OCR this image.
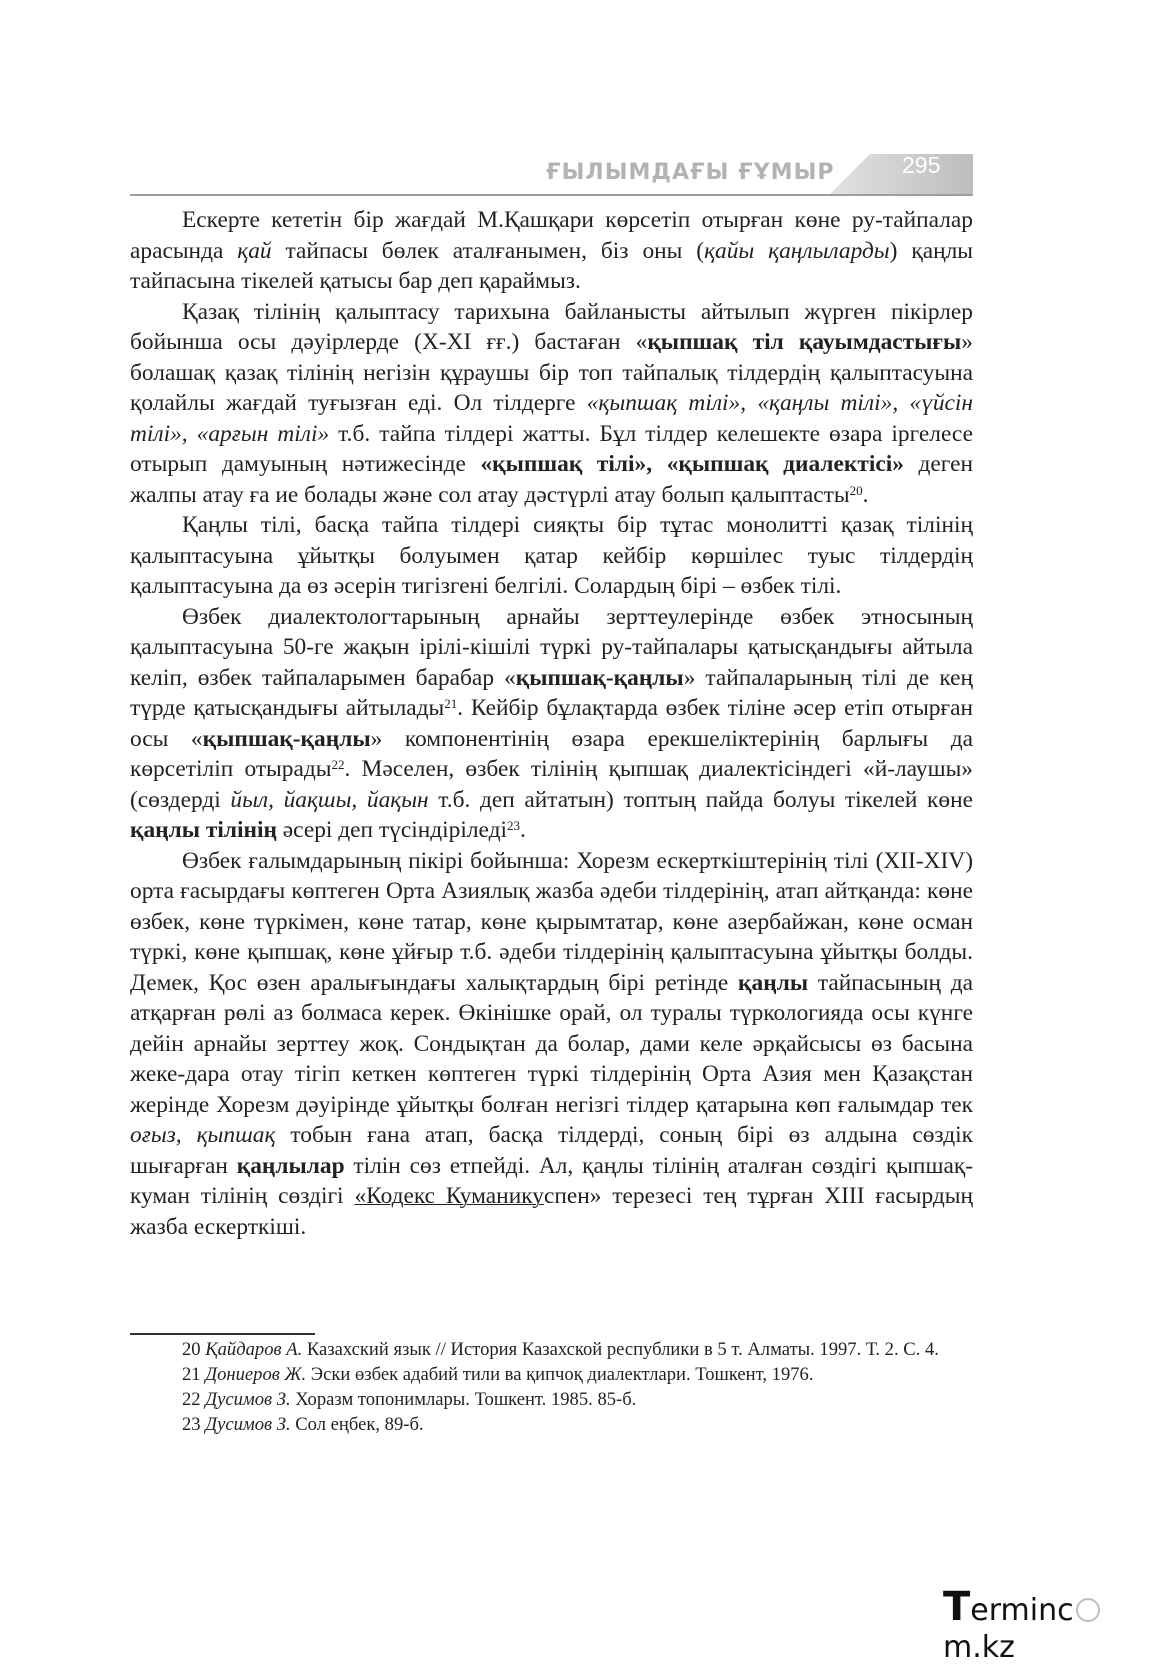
ҒЫЛЫМДАҒЫ ҒҰМЫР	295

Ескерте кететін бір жағдай М.Қашқари көрсетіп отырған көне ру-тайпалар арасында қай тайпасы бөлек аталғанымен, біз оны (қайы қаңлыларды) қаңлы тайпасына тікелей қатысы бар деп қараймыз.

Қазақ тілінің қалыптасу тарихына байланысты айтылып жүрген пікірлер бойынша осы дәуірлерде (Х-ХІ ғғ.) бастаған «қыпшақ тіл қауымдастығы» болашақ қазақ тілінің негізін құраушы бір топ тайпалық тілдердің қалыптасуына қолайлы жағдай туғызған еді. Ол тілдерге «қыпшақ тілі», «қаңлы тілі», «үйсін тілі», «арғын тілі» т.б. тайпа тілдері жатты. Бұл тілдер келешекте өзара іргелесе отырып дамуының нәтижесінде «қыпшақ тілі», «қыпшақ диалектісі» деген жалпы атау ға ие болады және сол атау дәстүрлі атау болып қалыптасты$^{20}$.

Қаңлы тілі, басқа тайпа тілдері сияқты бір тұтас монолитті қазақ тілінің қалыптасуына ұйытқы болуымен қатар кейбір көршілес туыс тілдердің қалыптасуына да өз әсерін тигізгені белгілі. Солардың бірі – өзбек тілі.

Өзбек диалектологтарының арнайы зерттеулерінде өзбек этносының қалыптасуына 50-ге жақын ірілі-кішілі түркі ру-тайпалары қатысқандығы айтыла келіп, өзбек тайпаларымен барабар «қыпшақ-қаңлы» тайпаларының тілі де кең түрде қатысқандығы айтылады$^{21}$. Кейбір бұлақтарда өзбек тіліне әсер етіп отырған осы «қыпшақ-қаңлы» компонентінің өзара ерекшеліктерінің барлығы да көрсетіліп отырады$^{22}$. Мәселен, өзбек тілінің қыпшақ диалектісіндегі «й-лаушы» (сөздерді йыл, йақшы, йақын т.б. деп айтатын) топтың пайда болуы тікелей көне қаңлы тілінің әсері деп түсіндіріледі$^{23}$.

Өзбек ғалымдарының пікірі бойынша: Хорезм ескерткіштерінің тілі (ХІІ-ХІV) орта ғасырдағы көптеген Орта Азиялық жазба әдеби тілдерінің, атап айтқанда: көне өзбек, көне түркімен, көне татар, көне қырымтатар, көне азербайжан, көне осман түркі, көне қыпшақ, көне ұйғыр т.б. әдеби тілдерінің қалыптасуына ұйытқы болды. Демек, Қос өзен аралығындағы халықтардың бірі ретінде қаңлы тайпасының да атқарған рөлі аз болмаса керек. Өкінішке орай, ол туралы түркологияда осы күнге дейін арнайы зерттеу жоқ. Сондықтан да болар, дами келе әрқайсысы өз басына жеке-дара отау тігіп кеткен көптеген түркі тілдерінің Орта Азия мен Қазақстан жерінде Хорезм дәуірінде ұйытқы болған негізгі тілдер қатарына көп ғалымдар тек оғыз, қыпшақ тобын ғана атап, басқа тілдерді, соның бірі өз алдына сөздік шығарған қаңлылар тілін сөз етпейді. Ал, қаңлы тілінің аталған сөздігі қыпшақ-куман тілінің сөздігі «Кодекс Куманикуспен» терезесі тең тұрған ХІІІ ғасырдың жазба ескерткіші.

20 Қайдаров А. Казахский язык // История Казахской республики в 5 т. Алматы. 1997. Т. 2. С. 4.

21 Дониеров Ж. Эски өзбек адабий тили ва қипчоқ диалектлари. Тошкент, 1976.

22 Дусимов З. Хоразм топонимлары. Тошкент. 1985. 85-б.

23 Дусимов З. Сол еңбек, 89-б.

Termincm.kz
